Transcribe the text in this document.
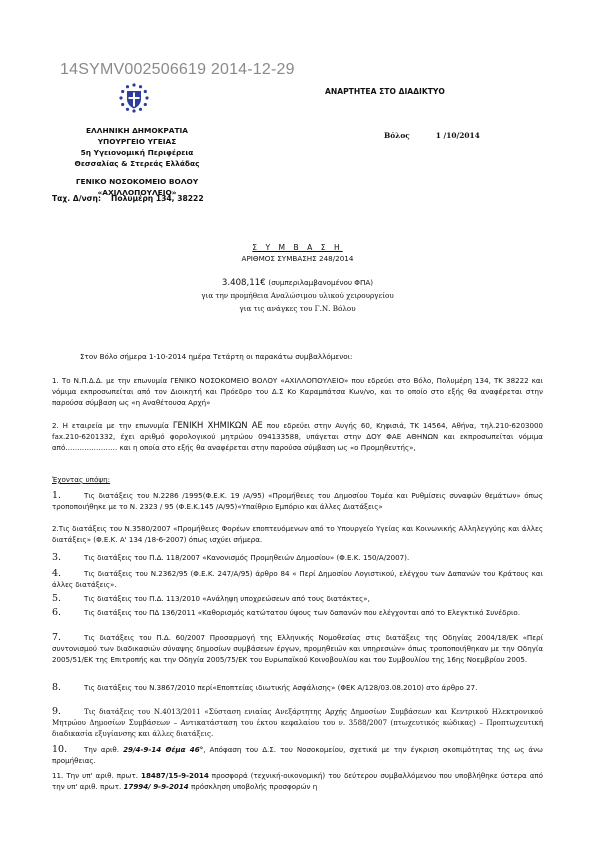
14SYMV002506619 2014-12-29
ΑΝΑΡΤΗΤΕΑ ΣΤΟ ΔΙΑΔΙΚΤΥΟ
ΕΛΛΗΝΙΚΗ ΔΗΜΟΚΡΑΤΙΑ
ΥΠΟΥΡΓΕΙΟ ΥΓΕΙΑΣ
5η Υγειονομική Περιφέρεια
Θεσσαλίας & Στερεάς Ελλάδας
ΓΕΝΙΚΟ ΝΟΣΟΚΟΜΕΙΟ ΒΟΛΟΥ
«ΑΧΙΛΛΟΠΟΥΛΕΙΟ»
Βόλος	1 /10/2014
Ταχ. Δ/νση: Πολυμέρη 134, 38222
Σ Υ Μ Β Α Σ Η
ΑΡΙΘΜΟΣ ΣΥΜΒΑΣΗΣ 248/2014
3.408,11€ (συμπεριλαμβανομένου ΦΠΑ)
για την προμήθεια Αναλώσιμου υλικού χειρουργείου
για τις ανάγκες του Γ.Ν. Βόλου
Στον Βόλο σήμερα 1-10-2014 ημέρα Τετάρτη οι παρακάτω συμβαλλόμενοι:
1. Το Ν.Π.Δ.Δ. με την επωνυμία ΓΕΝΙΚΟ ΝΟΣΟΚΟΜΕΙΟ ΒΟΛΟΥ «ΑΧΙΛΛΟΠΟΥΛΕΙΟ» που εδρεύει στο Βόλο, Πολυμέρη 134, ΤΚ 38222 και νόμιμα εκπροσωπείται από τον Διοικητή και Πρόεδρο του Δ.Σ Κο Καραμπάτσα Κων/νο, και το οποίο στο εξής θα αναφέρεται στην παρούσα σύμβαση ως «η Αναθέτουσα Αρχή»
2. Η εταιρεία με την επωνυμία ΓΕΝΙΚΗ ΧΗΜΙΚΩΝ ΑΕ που εδρεύει στην Αυγής 60, Κηφισιά, ΤΚ 14564, Αθήνα, τηλ.210-6203000 fax.210-6201332, έχει αριθμό φορολογικού μητρώου 094133588, υπάγεται στην ΔΟΥ ΦΑΕ ΑΘΗΝΩΝ και εκπροσωπείται νόμιμα από…………………. και η οποία στο εξής θα αναφέρεται στην παρούσα σύμβαση ως «ο Προμηθευτής»,
Έχοντας υπόψη:
1.	Τις διατάξεις του Ν.2286 /1995(Φ.Ε.Κ. 19 /Α/95) «Προμήθειες του Δημοσίου Τομέα και Ρυθμίσεις συναφών θεμάτων» όπως τροποποιήθηκε με το Ν. 2323 / 95 (Φ.Ε.Κ.145 /Α/95)«Υπαίθριο Εμπόριο και άλλες Διατάξεις»
2.Τις διατάξεις του Ν.3580/2007 «Προμήθειες Φορέων εποπτευόμενων από το Υπουργείο Υγείας και Κοινωνικής Αλληλεγγύης και άλλες διατάξεις» (Φ.Ε.Κ. Α' 134 /18-6-2007) όπως ισχύει σήμερα.
3.	Τις διατάξεις του Π.Δ. 118/2007 «Κανονισμός Προμηθειών Δημοσίου» (Φ.Ε.Κ. 150/Α/2007).
4.	Τις διατάξεις του Ν.2362/95 (Φ.Ε.Κ. 247/Α/95) άρθρο 84 « Περί Δημοσίου Λογιστικού, ελέγχου των Δαπανών του Κράτους και άλλες διατάξεις».
5.	Τις διατάξεις του Π.Δ. 113/2010 «Ανάληψη υποχρεώσεων από τους διατάκτες»,
6.	Τις διατάξεις του ΠΔ 136/2011 «Καθορισμός κατώτατου ύψους των δαπανών που ελέγχονται από το Ελεγκτικό Συνέδριο.
7.	Τις διατάξεις του Π.Δ. 60/2007 Προσαρμογή της Ελληνικής Νομοθεσίας στις διατάξεις της Οδηγίας 2004/18/ΕΚ «Περί συντονισμού των διαδικασιών σύναψης δημοσίων συμβάσεων έργων, προμηθειών και υπηρεσιών» όπως τροποποιήθηκαν με την Οδηγία 2005/51/ΕΚ της Επιτροπής και την Οδηγία 2005/75/ΕΚ του Ευρωπαϊκού Κοινοβουλίου και του Συμβουλίου της 16ης Νοεμβρίου 2005.
8.	Τις διατάξεις του Ν.3867/2010 περί«Εποπτείας ιδιωτικής Ασφάλισης» (ΦΕΚ Α/128/03.08.2010) στο άρθρο 27.
9.	Τις διατάξεις του Ν.4013/2011 «Σύσταση ενιαίας Ανεξάρτητης Αρχής Δημοσίων Συμβάσεων και Κεντρικού Ηλεκτρονικού Μητρώου Δημοσίων Συμβάσεων – Αντικατάσταση του έκτου κεφαλαίου του ν. 3588/2007 (πτωχευτικός κώδικας) – Προπτωχευτική διαδικασία εξυγίανσης και άλλες διατάξεις.
10. Την αριθ. 29/4-9-14 Θέμα 46°, Απόφαση του Δ.Σ. του Νοσοκομείου, σχετικά με την έγκριση σκοπιμότητας της ως άνω προμήθειας.
11. Την υπ' αριθ. πρωτ. 18487/15-9-2014 προσφορά (τεχνική-οικονομική) του δεύτερου συμβαλλόμενου που υποβλήθηκε ύστερα από την υπ' αριθ. πρωτ. 17994/ 9-9-2014 πρόσκληση υποβολής προσφορών η
